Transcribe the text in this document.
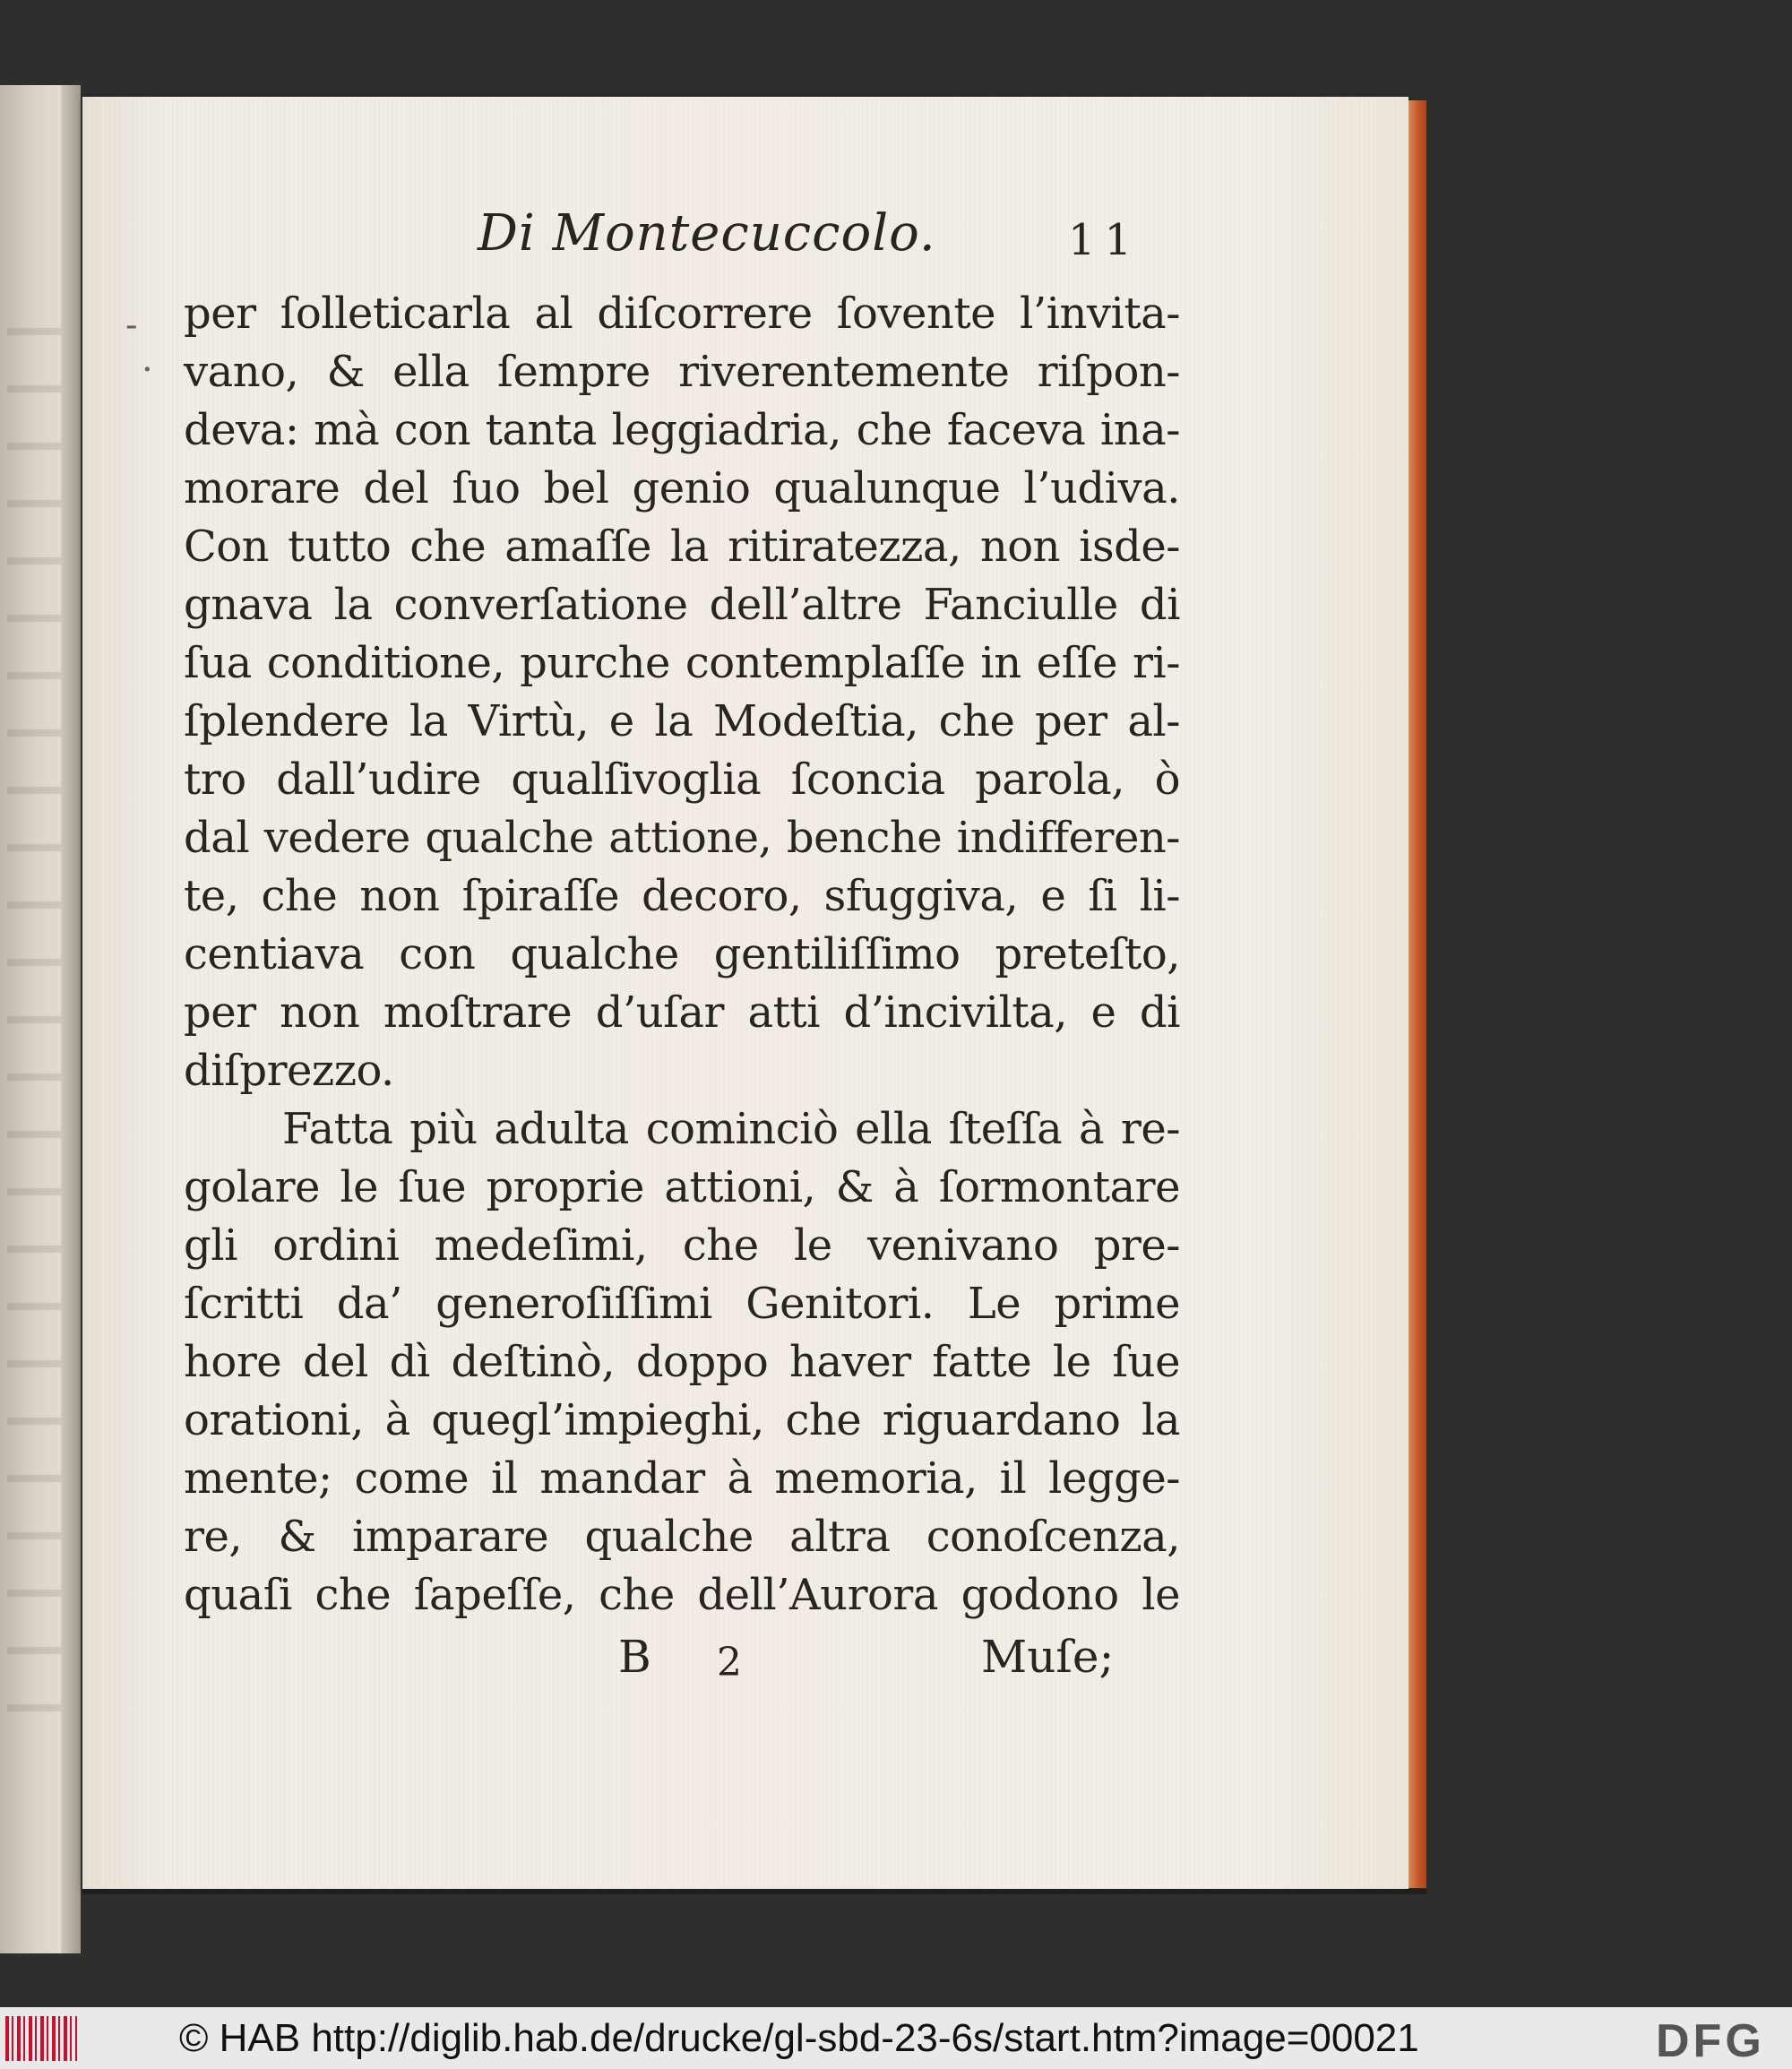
Di Montecuccolo.	11
-
·
per ſolleticarla al diſcorrere ſovente l’invita-
vano, & ella ſempre riverentemente riſpon-
deva: mà con tanta leggiadria, che faceva ina-
morare del ſuo bel genio qualunque l’udiva.
Con tutto che amaſſe la ritiratezza, non isde-
gnava la converſatione dell’altre Fanciulle di
ſua conditione, purche contemplaſſe in eſſe ri-
ſplendere la Virtù, e la Modeſtia, che per al-
tro dall’udire qualſivoglia ſconcia parola, ò
dal vedere qualche attione, benche indifferen-
te, che non ſpiraſſe decoro, sfuggiva, e ſi li-
centiava con qualche gentiliſſimo preteſto,
per non moſtrare d’uſar atti d’incivilta, e di
diſprezzo.
Fatta più adulta cominciò ella ſteſſa à re-
golare le ſue proprie attioni, & à ſormontare
gli ordini medeſimi, che le venivano pre-
ſcritti da’ generoſiſſimi Genitori. Le prime
hore del dì deſtinò, doppo haver fatte le ſue
orationi, à quegl’impieghi, che riguardano la
mente; come il mandar à memoria, il legge-
re, & imparare qualche altra conoſcenza,
quaſi che ſapeſſe, che dell’Aurora godono le
B 2	Muſe;
© HAB http://diglib.hab.de/drucke/gl-sbd-23-6s/start.htm?image=00021	DFG
